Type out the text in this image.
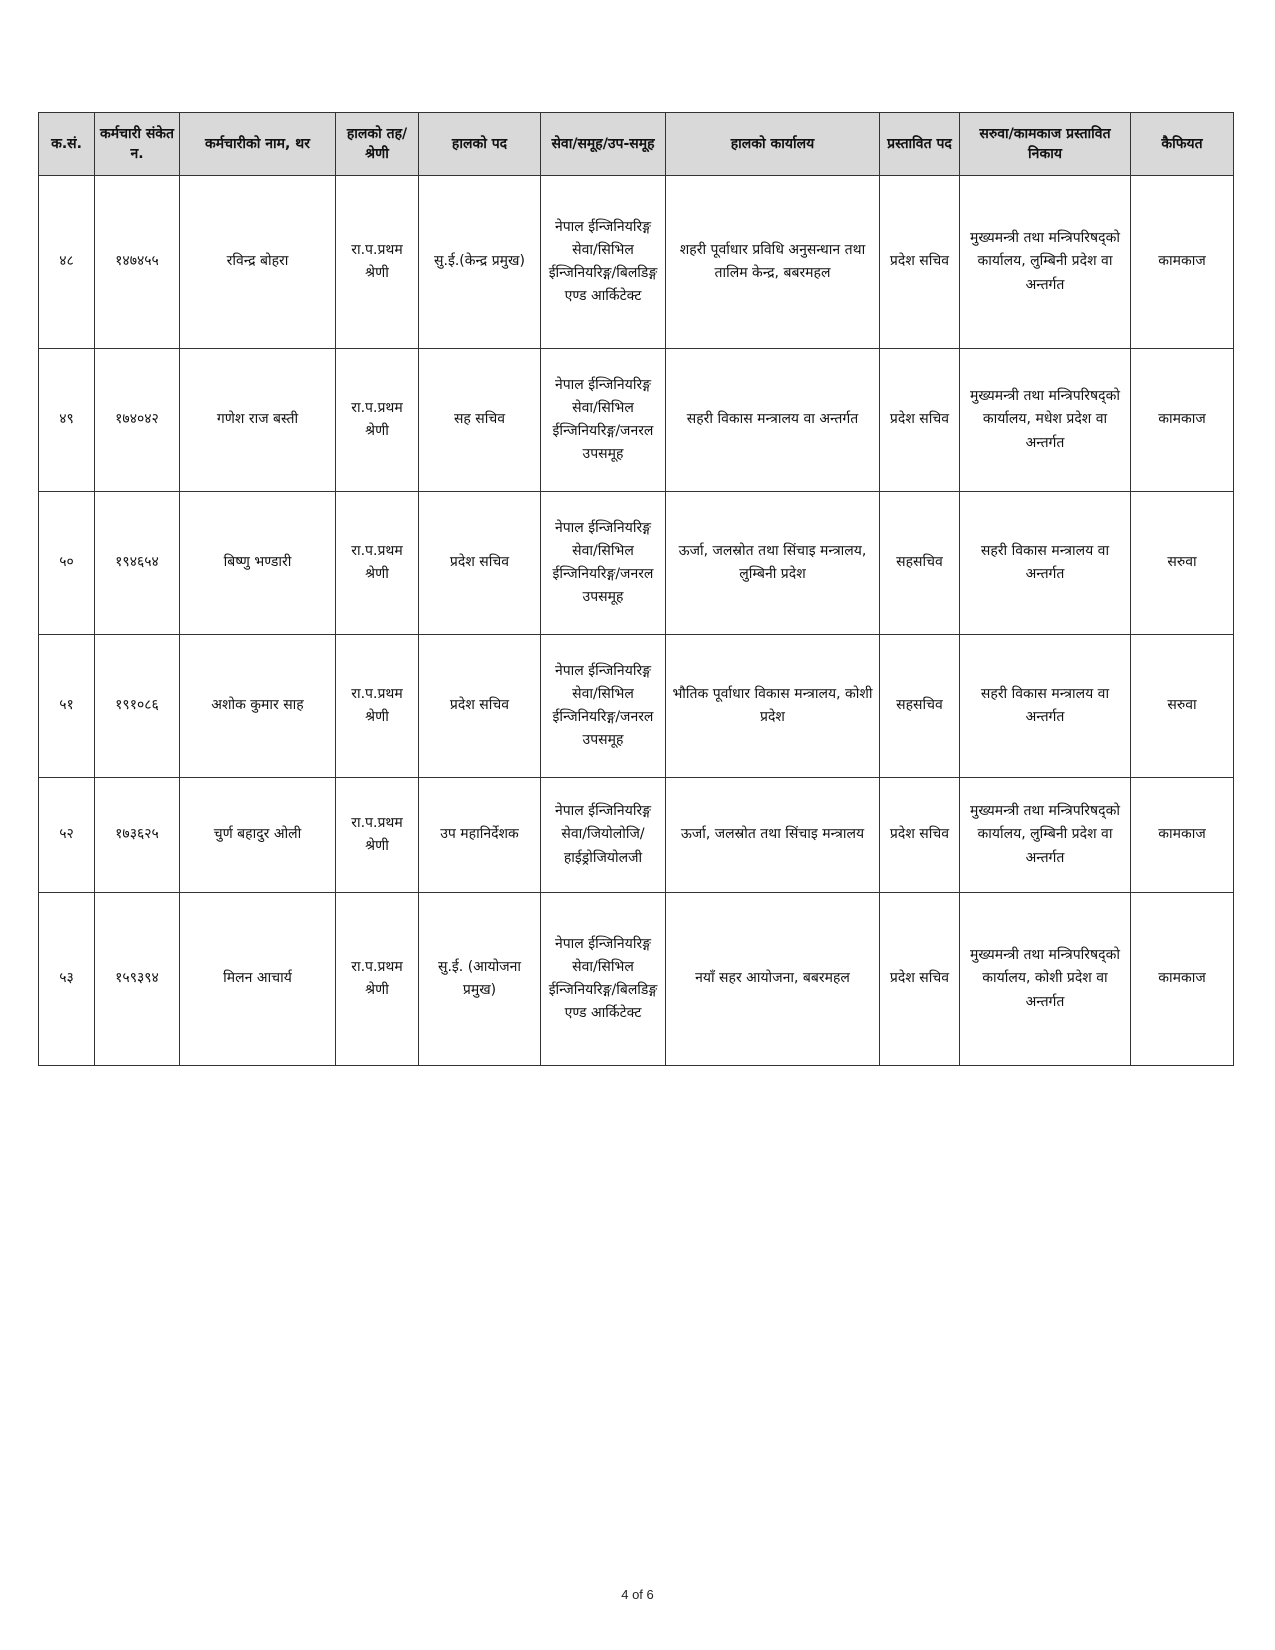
क.सं.	कर्मचारी संकेत न.	कर्मचारीको नाम, थर	हालको तह/श्रेणी	हालको पद	सेवा/समूह/उप-समूह	हालको कार्यालय	प्रस्तावित पद	सरुवा/कामकाज प्रस्तावित निकाय	कैफियत
४८	१४७४५५	रविन्द्र बोहरा	रा.प.प्रथम श्रेणी	सु.ई.(केन्द्र प्रमुख)	नेपाल ईन्जिनियरिङ्ग सेवा/सिभिल ईन्जिनियरिङ्ग/बिलडिङ्ग एण्ड आर्किटेक्ट	शहरी पूर्वाधार प्रविधि अनुसन्धान तथा तालिम केन्द्र, बबरमहल	प्रदेश सचिव	मुख्यमन्त्री तथा मन्त्रिपरिषद्को कार्यालय, लुम्बिनी प्रदेश वा अन्तर्गत	कामकाज
४९	१७४०४२	गणेश राज बस्ती	रा.प.प्रथम श्रेणी	सह सचिव	नेपाल ईन्जिनियरिङ्ग सेवा/सिभिल ईन्जिनियरिङ्ग/जनरल उपसमूह	सहरी विकास मन्त्रालय वा अन्तर्गत	प्रदेश सचिव	मुख्यमन्त्री तथा मन्त्रिपरिषद्को कार्यालय, मधेश प्रदेश वा अन्तर्गत	कामकाज
५०	१९४६५४	बिष्णु भण्डारी	रा.प.प्रथम श्रेणी	प्रदेश सचिव	नेपाल ईन्जिनियरिङ्ग सेवा/सिभिल ईन्जिनियरिङ्ग/जनरल उपसमूह	ऊर्जा, जलस्रोत तथा सिंचाइ मन्त्रालय, लुम्बिनी प्रदेश	सहसचिव	सहरी विकास मन्त्रालय वा अन्तर्गत	सरुवा
५१	१९१०८६	अशोक कुमार साह	रा.प.प्रथम श्रेणी	प्रदेश सचिव	नेपाल ईन्जिनियरिङ्ग सेवा/सिभिल ईन्जिनियरिङ्ग/जनरल उपसमूह	भौतिक पूर्वाधार विकास मन्त्रालय, कोशी प्रदेश	सहसचिव	सहरी विकास मन्त्रालय वा अन्तर्गत	सरुवा
५२	१७३६२५	चुर्ण बहादुर ओली	रा.प.प्रथम श्रेणी	उप महानिर्देशक	नेपाल ईन्जिनियरिङ्ग सेवा/जियोलोजि/हाईड्रोजियोलजी	ऊर्जा, जलस्रोत तथा सिंचाइ मन्त्रालय	प्रदेश सचिव	मुख्यमन्त्री तथा मन्त्रिपरिषद्को कार्यालय, लुम्बिनी प्रदेश वा अन्तर्गत	कामकाज
५३	१५९३९४	मिलन आचार्य	रा.प.प्रथम श्रेणी	सु.ई. (आयोजना प्रमुख)	नेपाल ईन्जिनियरिङ्ग सेवा/सिभिल ईन्जिनियरिङ्ग/बिलडिङ्ग एण्ड आर्किटेक्ट	नयाँ सहर आयोजना, बबरमहल	प्रदेश सचिव	मुख्यमन्त्री तथा मन्त्रिपरिषद्को कार्यालय, कोशी प्रदेश वा अन्तर्गत	कामकाज
4 of 6
